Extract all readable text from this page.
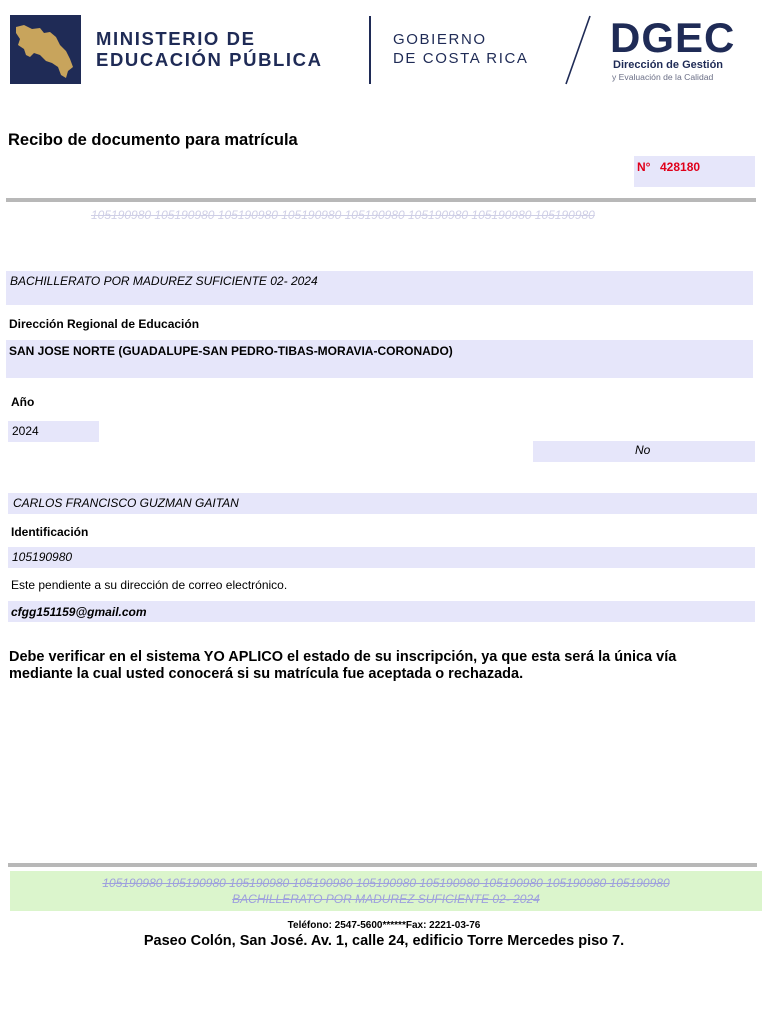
MINISTERIO DE
EDUCACIÓN PÚBLICA
GOBIERNO
DE COSTA RICA DGEC
Dirección de Gestión
y Evaluación de la Calidad
Recibo de documento para matrícula
N° 428180
105190980 105190980 105190980 105190980 105190980 105190980 105190980 105190980
BACHILLERATO POR MADUREZ SUFICIENTE 02- 2024
Dirección Regional de Educación
SAN JOSE NORTE (GUADALUPE-SAN PEDRO-TIBAS-MORAVIA-CORONADO)
Año
2024
No
CARLOS FRANCISCO GUZMAN GAITAN
Identificación
105190980
Este pendiente a su dirección de correo electrónico.
cfgg151159@gmail.com
Debe verificar en el sistema YO APLICO el estado de su inscripción, ya que esta será la única vía
mediante la cual usted conocerá si su matrícula fue aceptada o rechazada.
105190980 105190980 105190980 105190980 105190980 105190980 105190980 105190980 105190980
BACHILLERATO POR MADUREZ SUFICIENTE 02- 2024
Teléfono: 2547-5600******Fax: 2221-03-76
Paseo Colón, San José. Av. 1, calle 24, edificio Torre Mercedes piso 7.
